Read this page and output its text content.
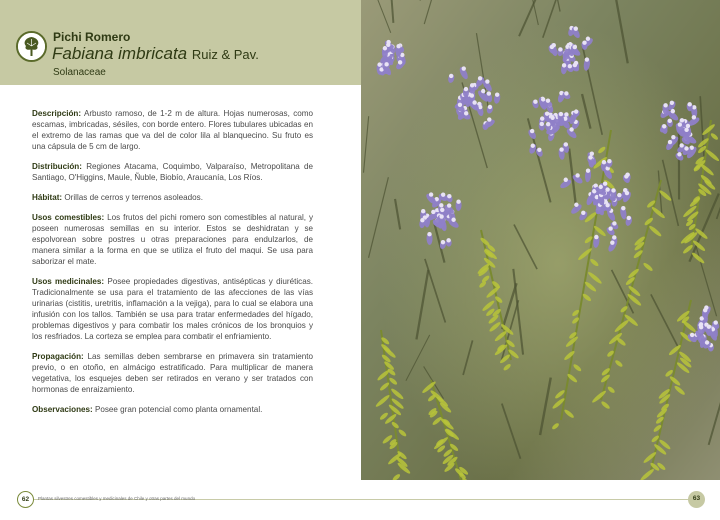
Pichi Romero
Fabiana imbricata Ruiz & Pav.
Solanaceae

Descripción: Arbusto ramoso, de 1-2 m de altura. Hojas numerosas, como escamas, imbricadas, sésiles, con borde entero. Flores tubulares ubicadas en el extremo de las ramas que va del de color lila al blanquecino. Su fruto es una cápsula de 5 cm de largo.

Distribución: Regiones Atacama, Coquimbo, Valparaíso, Metropolitana de Santiago, O'Higgins, Maule, Ñuble, Biobío, Araucanía, Los Ríos.

Hábitat: Orillas de cerros y terrenos asoleados.

Usos comestibles: Los frutos del pichi romero son comestibles al natural, y poseen numerosas semillas en su interior. Estos se deshidratan y se espolvorean sobre postres u otras preparaciones para endulzarlos, de manera similar a la forma en que se utiliza el fruto del maqui. Se usa para saborizar el mate.

Usos medicinales: Posee propiedades digestivas, antisépticas y diuréticas. Tradicionalmente se usa para el tratamiento de las afecciones de las vías urinarias (cistitis, uretritis, inflamación a la vejiga), para lo cual se elabora una infusión con los tallos. También se usa para tratar enfermedades del hígado, problemas digestivos y para combatir los males crónicos de los bronquios y los resfriados. La corteza se emplea para combatir el enfriamiento.

Propagación: Las semillas deben sembrarse en primavera sin tratamiento previo, o en otoño, en almácigo estratificado. Para multiplicar de manera vegetativa, los esquejes deben ser retirados en verano y ser tratados con hormonas de enraizamiento.

Observaciones: Posee gran potencial como planta ornamental.

62	Plantas silvestres comestibles y medicinales de Chile y otras partes del mundo	63
